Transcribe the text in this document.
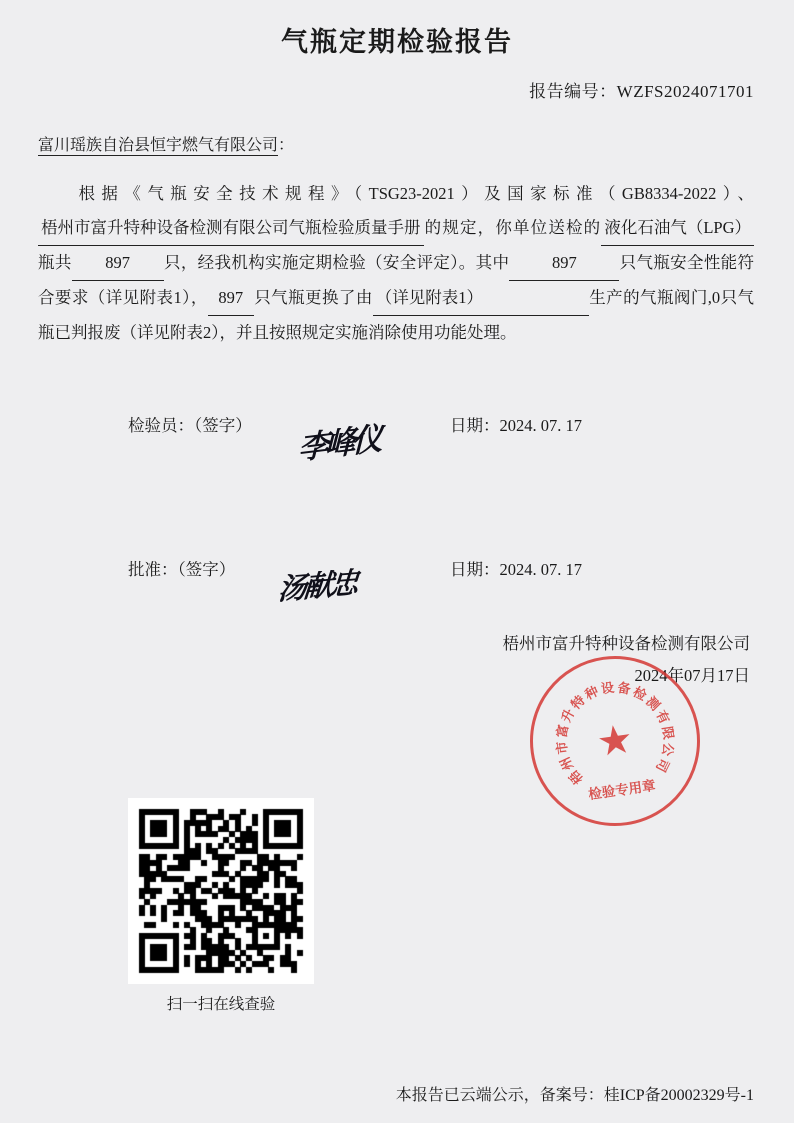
气瓶定期检验报告
报告编号：WZFS2024071701
富川瑶族自治县恒宇燃气有限公司：
根据《气瓶安全技术规程》（TSG23-2021）及国家标准（GB8334-2022）、梧州市富升特种设备检测有限公司气瓶检验质量手册 的规定，你单位送检的 液化石油气（LPG）瓶共 897 只，经我机构实施定期检验（安全评定）。其中	897	只气瓶安全性能符合要求（详见附表1）， 897 只气瓶更换了由 （详见附表1）	生产的气瓶阀门,0只气瓶已判报废（详见附表2），并且按照规定实施消除使用功能处理。
检验员：（签字） 李峰仪	日期：2024. 07. 17
批准：（签字） 汤献忠	日期：2024. 07. 17
梧州市富升特种设备检测有限公司
2024年07月17日
梧
州
市
富
升
特
种 设 备
检
测
有
限
公
司
★
检验专用章
扫一扫在线查验
本报告已云端公示，备案号：桂ICP备20002329号-1
